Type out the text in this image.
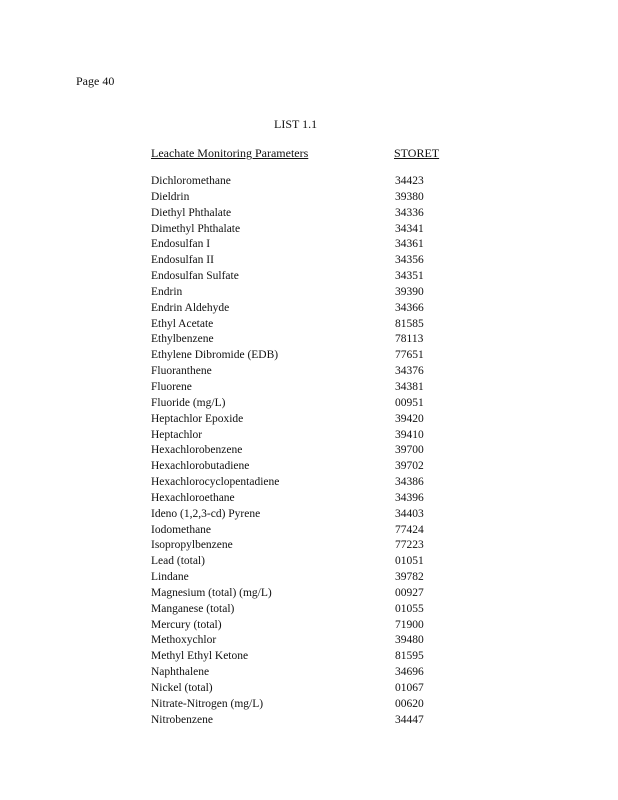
Page 40
LIST 1.1
Leachate Monitoring Parameters	STORET
Dichloromethane	34423
Dieldrin	39380
Diethyl Phthalate	34336
Dimethyl Phthalate	34341
Endosulfan I	34361
Endosulfan II	34356
Endosulfan Sulfate	34351
Endrin	39390
Endrin Aldehyde	34366
Ethyl Acetate	81585
Ethylbenzene	78113
Ethylene Dibromide (EDB)	77651
Fluoranthene	34376
Fluorene	34381
Fluoride (mg/L)	00951
Heptachlor Epoxide	39420
Heptachlor	39410
Hexachlorobenzene	39700
Hexachlorobutadiene	39702
Hexachlorocyclopentadiene	34386
Hexachloroethane	34396
Ideno (1,2,3-cd) Pyrene	34403
Iodomethane	77424
Isopropylbenzene	77223
Lead (total)	01051
Lindane	39782
Magnesium (total) (mg/L)	00927
Manganese (total)	01055
Mercury (total)	71900
Methoxychlor	39480
Methyl Ethyl Ketone	81595
Naphthalene	34696
Nickel (total)	01067
Nitrate-Nitrogen (mg/L)	00620
Nitrobenzene	34447
